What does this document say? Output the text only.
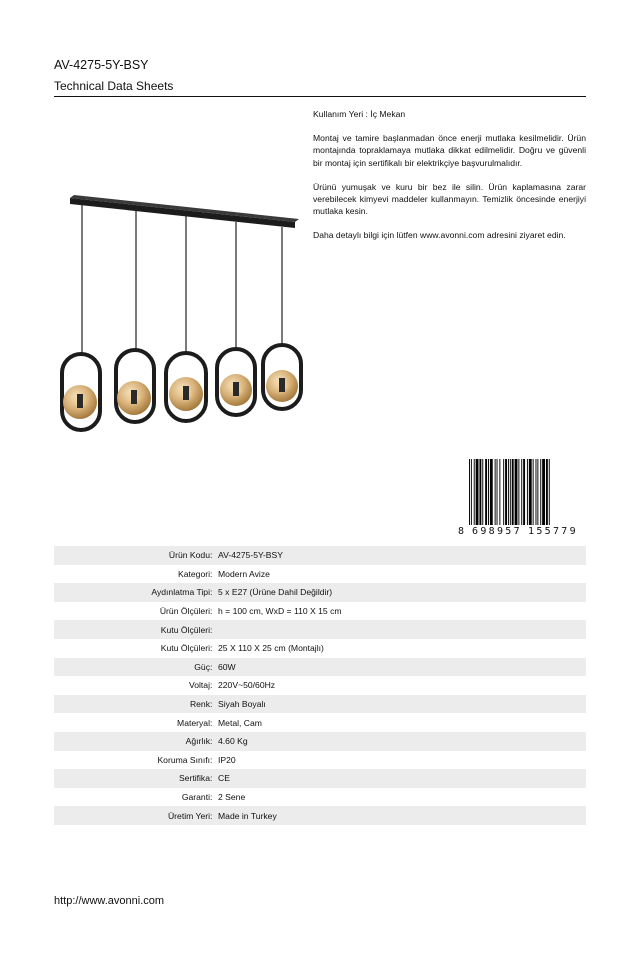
AV-4275-5Y-BSY
Technical Data Sheets

Kullanım Yeri : İç Mekan

Montaj ve tamire başlanmadan önce enerji mutlaka kesilmelidir. Ürün montajında topraklamaya mutlaka dikkat edilmelidir. Doğru ve güvenli bir montaj için sertifikalı bir elektrikçiye başvurulmalıdır.

Ürünü yumuşak ve kuru bir bez ile silin. Ürün kaplamasına zarar verebilecek kimyevi maddeler kullanmayın. Temizlik öncesinde enerjiyi mutlaka kesin.

Daha detaylı bilgi için lütfen www.avonni.com adresini ziyaret edin.

8 698957 155779
Ürün Kodu : AV-4275-5Y-BSY
Kategori : Modern Avize
Aydınlatma Tipi : 5 x E27 (Ürüne Dahil Değildir)
Ürün Ölçüleri : h = 100 cm, WxD = 110 X 15 cm
Kutu Ölçüleri :
Kutu Ölçüleri : 25 X 110 X 25 cm (Montajlı)
Güç : 60W
Voltaj : 220V~50/60Hz
Renk : Siyah Boyalı
Materyal : Metal, Cam
Ağırlık : 4.60 Kg
Koruma Sınıfı : IP20
Sertifika : CE
Garanti : 2 Sene
Üretim Yeri : Made in Turkey
http://www.avonni.com
